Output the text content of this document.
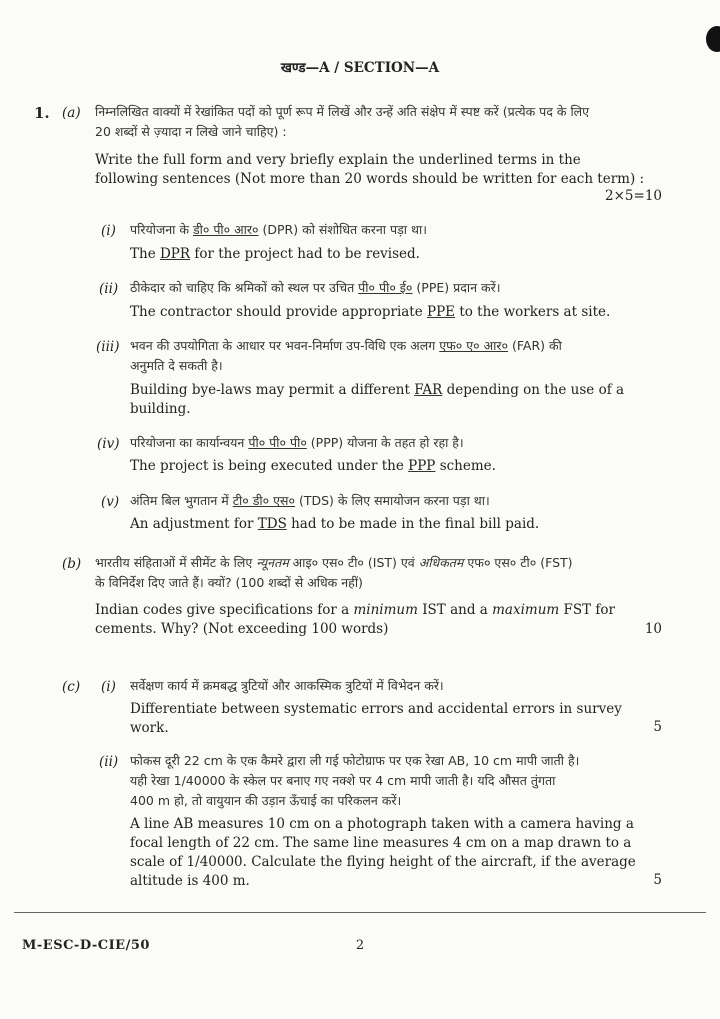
खण्ड—A / SECTION—A
1. (a) निम्नलिखित वाक्यों में रेखांकित पदों को पूर्ण रूप में लिखें और उन्हें अति संक्षेप में स्पष्ट करें (प्रत्येक पद के लिए
20 शब्दों से ज़्यादा न लिखे जाने चाहिए) :
Write the full form and very briefly explain the underlined terms in the
following sentences (Not more than 20 words should be written for each term) :
2×5=10
(i) परियोजना के डी० पी० आर० (DPR) को संशोधित करना पड़ा था।
The DPR for the project had to be revised.
(ii) ठीकेदार को चाहिए कि श्रमिकों को स्थल पर उचित पी० पी० ई० (PPE) प्रदान करें।
The contractor should provide appropriate PPE to the workers at site.
(iii) भवन की उपयोगिता के आधार पर भवन-निर्माण उप-विधि एक अलग एफ० ए० आर० (FAR) की
अनुमति दे सकती है।
Building bye-laws may permit a different FAR depending on the use of a
building.
(iv) परियोजना का कार्यान्वयन पी० पी० पी० (PPP) योजना के तहत हो रहा है।
The project is being executed under the PPP scheme.
(v) अंतिम बिल भुगतान में टी० डी० एस० (TDS) के लिए समायोजन करना पड़ा था।
An adjustment for TDS had to be made in the final bill paid.
(b) भारतीय संहिताओं में सीमेंट के लिए न्यूनतम आइ० एस० टी० (IST) एवं अधिकतम एफ० एस० टी० (FST)
के विनिर्देश दिए जाते हैं। क्यों? (100 शब्दों से अधिक नहीं)
Indian codes give specifications for a minimum IST and a maximum FST for
cements. Why? (Not exceeding 100 words)	10
(c) (i) सर्वेक्षण कार्य में क्रमबद्ध त्रुटियों और आकस्मिक त्रुटियों में विभेदन करें।
Differentiate between systematic errors and accidental errors in survey
work.	5
(ii) फोकस दूरी 22 cm के एक कैमरे द्वारा ली गई फोटोग्राफ पर एक रेखा AB, 10 cm मापी जाती है।
यही रेखा 1/40000 के स्केल पर बनाए गए नक्शे पर 4 cm मापी जाती है। यदि औसत तुंगता
400 m हो, तो वायुयान की उड़ान ऊँचाई का परिकलन करें।
A line AB measures 10 cm on a photograph taken with a camera having a
focal length of 22 cm. The same line measures 4 cm on a map drawn to a
scale of 1/40000. Calculate the flying height of the aircraft, if the average
altitude is 400 m.	5
M-ESC-D-CIE/50	2
